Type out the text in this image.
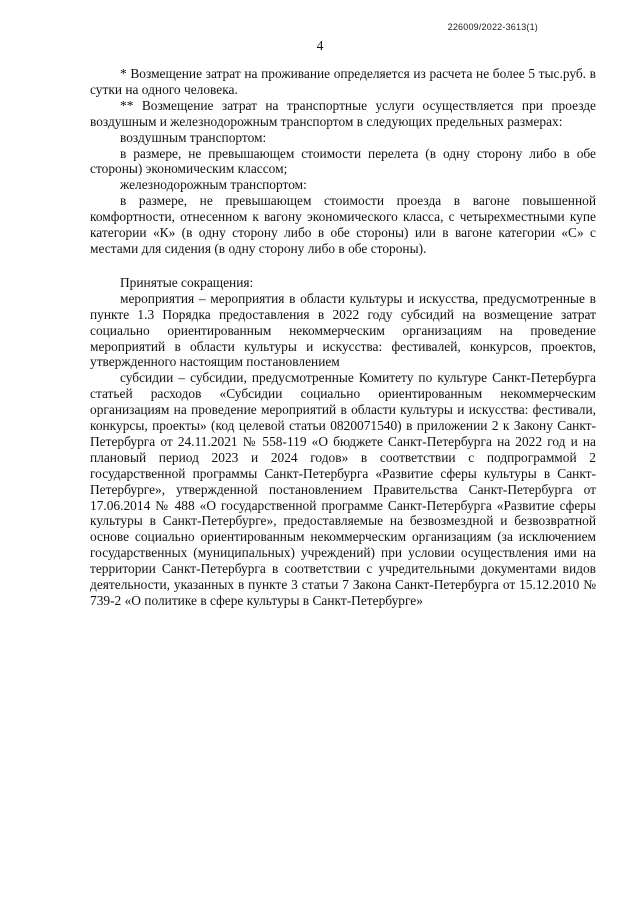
226009/2022-3613(1)
4

* Возмещение затрат на проживание определяется из расчета не более 5 тыс.руб. в сутки на одного человека.

** Возмещение затрат на транспортные услуги осуществляется при проезде воздушным и железнодорожным транспортом в следующих предельных размерах:

воздушным транспортом:

в размере, не превышающем стоимости перелета (в одну сторону либо в обе стороны) экономическим классом;

железнодорожным транспортом:

в размере, не превышающем стоимости проезда в вагоне повышенной комфортности, отнесенном к вагону экономического класса, с четырехместными купе категории «К» (в одну сторону либо в обе стороны) или в вагоне категории «С» с местами для сидения (в одну сторону либо в обе стороны).

Принятые сокращения:

мероприятия – мероприятия в области культуры и искусства, предусмотренные в пункте 1.3 Порядка предоставления в 2022 году субсидий на возмещение затрат социально ориентированным некоммерческим организациям на проведение мероприятий в области культуры и искусства: фестивалей, конкурсов, проектов, утвержденного настоящим постановлением

субсидии – субсидии, предусмотренные Комитету по культуре Санкт-Петербурга статьей расходов «Субсидии социально ориентированным некоммерческим организациям на проведение мероприятий в области культуры и искусства: фестивали, конкурсы, проекты» (код целевой статьи 0820071540) в приложении 2 к Закону Санкт-Петербурга от 24.11.2021 № 558-119 «О бюджете Санкт-Петербурга на 2022 год и на плановый период 2023 и 2024 годов» в соответствии с подпрограммой 2 государственной программы Санкт-Петербурга «Развитие сферы культуры в Санкт-Петербурге», утвержденной постановлением Правительства Санкт-Петербурга от 17.06.2014 № 488 «О государственной программе Санкт-Петербурга «Развитие сферы культуры в Санкт-Петербурге», предоставляемые на безвозмездной и безвозвратной основе социально ориентированным некоммерческим организациям (за исключением государственных (муниципальных) учреждений) при условии осуществления ими на территории Санкт-Петербурга в соответствии с учредительными документами видов деятельности, указанных в пункте 3 статьи 7 Закона Санкт-Петербурга от 15.12.2010 № 739-2 «О политике в сфере культуры в Санкт-Петербурге»
